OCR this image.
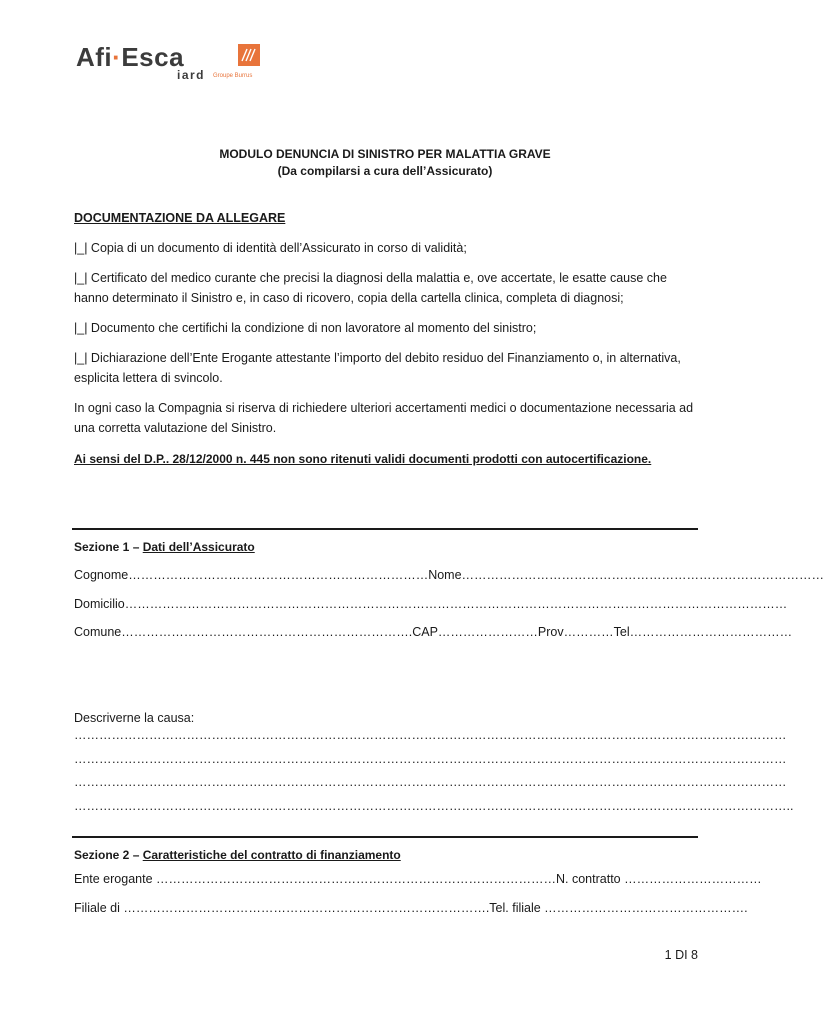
Afi·Esca
iard Groupe Burrus
MODULO DENUNCIA DI SINISTRO PER MALATTIA GRAVE
(Da compilarsi a cura dell’Assicurato)
DOCUMENTAZIONE DA ALLEGARE
|_| Copia di un documento di identità dell’Assicurato in corso di validità;
|_| Certificato del medico curante che precisi la diagnosi della malattia e, ove accertate, le esatte cause che hanno determinato il Sinistro e, in caso di ricovero, copia della cartella clinica, completa di diagnosi;
|_| Documento che certifichi la condizione di non lavoratore al momento del sinistro;
|_| Dichiarazione dell’Ente Erogante attestante l’importo del debito residuo del Finanziamento o, in alternativa, esplicita lettera di svincolo.
In ogni caso la Compagnia si riserva di richiedere ulteriori accertamenti medici o documentazione necessaria ad una corretta valutazione del Sinistro.
Ai sensi del D.P.. 28/12/2000 n. 445 non sono ritenuti validi documenti prodotti con autocertificazione.
Sezione 1 – Dati dell’Assicurato
Cognome………………………………………………………………Nome……………………………………………………………………………
Domicilio……………………………………………………………………………………………………………………………………………
Comune…………………………………………………………….CAP……………………Prov…………Tel…………………………………
Descriverne la causa:
………………………………………………………………………………………………………………………………………………………
………………………………………………………………………………………………………………………………………………………
………………………………………………………………………………………………………………………………………………………
………………………………………………………………………………………………………………………………………………………..
Sezione 2 – Caratteristiche del contratto di finanziamento
Ente erogante ……………………………………………………………………………………N. contratto ……………………………
Filiale di …………………………………………………………………………….Tel. filiale ………………………………………….
1 DI 8
